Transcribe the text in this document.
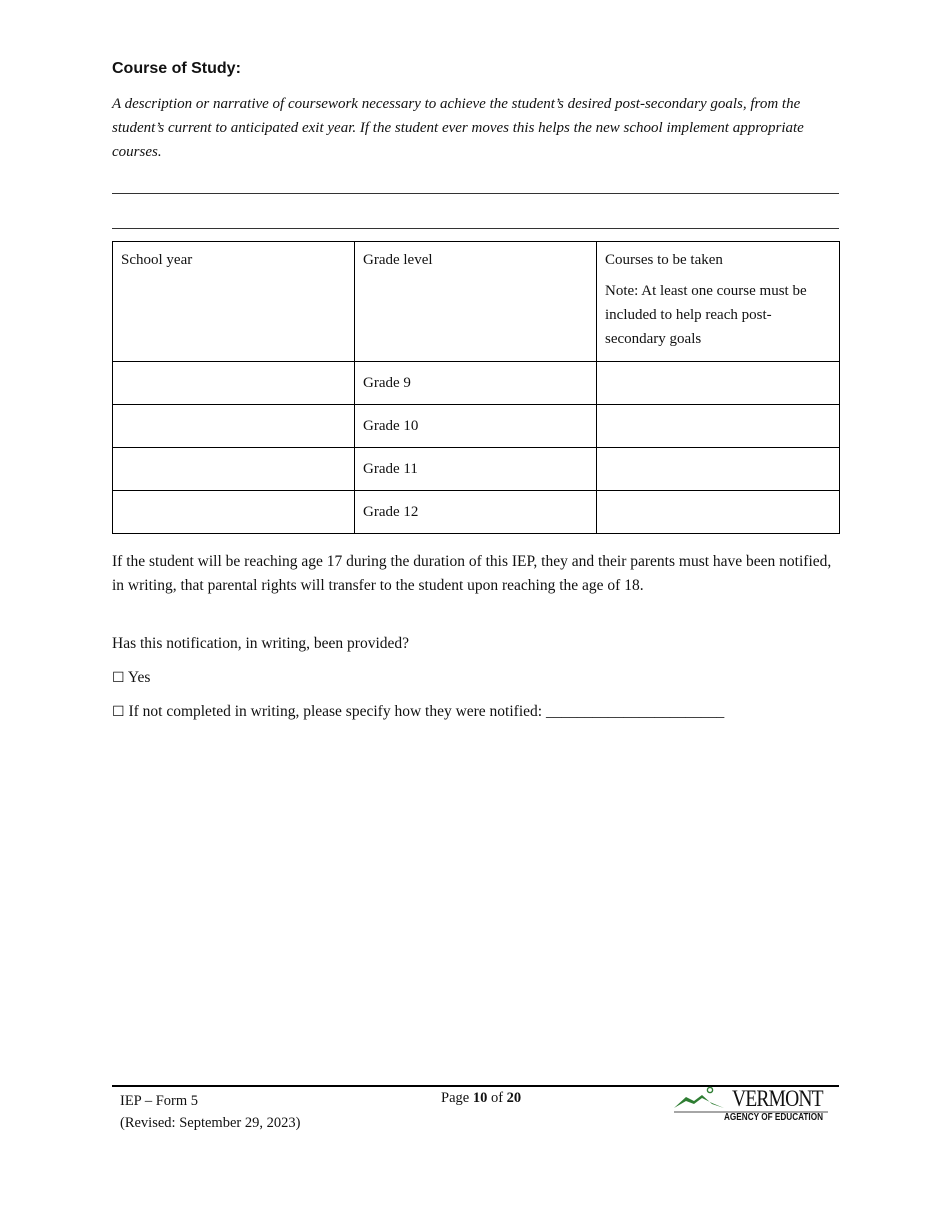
Course of Study:
A description or narrative of coursework necessary to achieve the student’s desired post-secondary goals, from the student’s current to anticipated exit year. If the student ever moves this helps the new school implement appropriate courses.
School year	Grade level	Courses to be taken
Note: At least one course must be included to help reach post-secondary goals

	Grade 9	
	Grade 10	
	Grade 11	
	Grade 12	
If the student will be reaching age 17 during the duration of this IEP, they and their parents must have been notified, in writing, that parental rights will transfer to the student upon reaching the age of 18.
Has this notification, in writing, been provided?
☐ Yes
☐ If not completed in writing, please specify how they were notified: _______________________
IEP – Form 5
(Revised: September 29, 2023)
Page 10 of 20	VERMONT
AGENCY OF EDUCATION
